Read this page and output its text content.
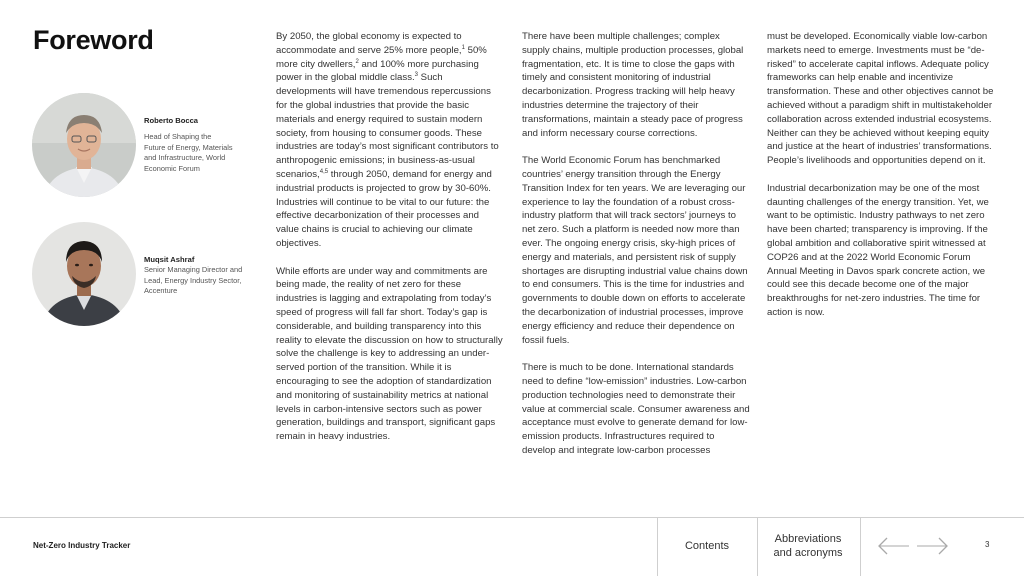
Foreword
Roberto Bocca
Head of Shaping the
Future of Energy, Materials
and Infrastructure, World
Economic Forum
Muqsit Ashraf
Senior Managing Director and
Lead, Energy Industry Sector,
Accenture

By 2050, the global economy is expected to accommodate and serve 25% more people,$^1$ 50% more city dwellers,$^2$ and 100% more purchasing power in the global middle class.$^3$ Such developments will have tremendous repercussions for the global industries that provide the basic materials and energy required to sustain modern society, from housing to consumer goods. These industries are today’s most significant contributors to anthropogenic emissions; in business-as-usual scenarios,$^{4,5}$ through 2050, demand for energy and industrial products is projected to grow by 30-60%. Industries will continue to be vital to our future: the effective decarbonization of their processes and value chains is crucial to achieving our climate objectives.

While efforts are under way and commitments are being made, the reality of net zero for these industries is lagging and extrapolating from today’s speed of progress will fall far short. Today’s gap is considerable, and building transparency into this reality to elevate the discussion on how to structurally solve the challenge is key to addressing an under-served portion of the transition. While it is encouraging to see the adoption of standardization and monitoring of sustainability metrics at national levels in carbon-intensive sectors such as power generation, buildings and transport, significant gaps remain in heavy industries.

There have been multiple challenges; complex supply chains, multiple production processes, global fragmentation, etc. It is time to close the gaps with timely and consistent monitoring of industrial decarbonization. Progress tracking will help heavy industries determine the trajectory of their transformations, maintain a steady pace of progress and inform necessary course corrections.

The World Economic Forum has benchmarked countries’ energy transition through the Energy Transition Index for ten years. We are leveraging our experience to lay the foundation of a robust cross-industry platform that will track sectors’ journeys to net zero. Such a platform is needed now more than ever. The ongoing energy crisis, sky-high prices of energy and materials, and persistent risk of supply shortages are disrupting industrial value chains down to end consumers. This is the time for industries and governments to double down on efforts to accelerate the decarbonization of industrial processes, improve energy efficiency and reduce their dependence on fossil fuels.

There is much to be done. International standards need to define “low-emission” industries. Low-carbon production technologies need to demonstrate their value at commercial scale. Consumer awareness and acceptance must evolve to generate demand for low-emission products. Infrastructures required to develop and integrate low-carbon processes

must be developed. Economically viable low-carbon markets need to emerge. Investments must be “de-risked” to accelerate capital inflows. Adequate policy frameworks can help enable and incentivize transformation. These and other objectives cannot be achieved without a paradigm shift in multistakeholder collaboration across extended industrial ecosystems. Neither can they be achieved without keeping equity and justice at the heart of industries’ transformations. People’s livelihoods and opportunities depend on it.

Industrial decarbonization may be one of the most daunting challenges of the energy transition. Yet, we want to be optimistic. Industry pathways to net zero have been charted; transparency is improving. If the global ambition and collaborative spirit witnessed at COP26 and at the 2022 World Economic Forum Annual Meeting in Davos spark concrete action, we could see this decade become one of the major breakthroughs for net-zero industries. The time for action is now.

Net-Zero Industry Tracker	Contents
Abbreviations
and acronyms
3
